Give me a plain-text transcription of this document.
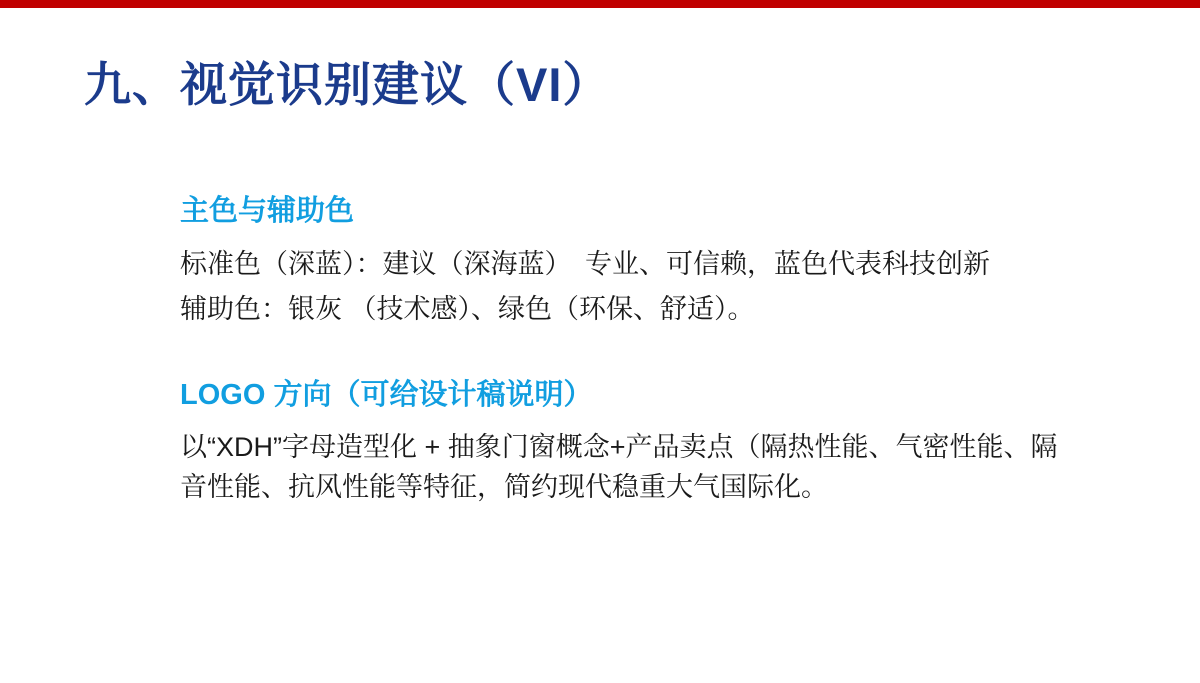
九、视觉识别建议（VI）
主色与辅助色
标准色（深蓝）：建议（深海蓝）　专业、可信赖，蓝色代表科技创新
辅助色：银灰 （技术感）、绿色（环保、舒适）。
LOGO 方向（可给设计稿说明）
以“XDH”字母造型化 + 抽象门窗概念+产品卖点（隔热性能、气密性能、隔
音性能、抗风性能等特征，简约现代稳重大气国际化。
